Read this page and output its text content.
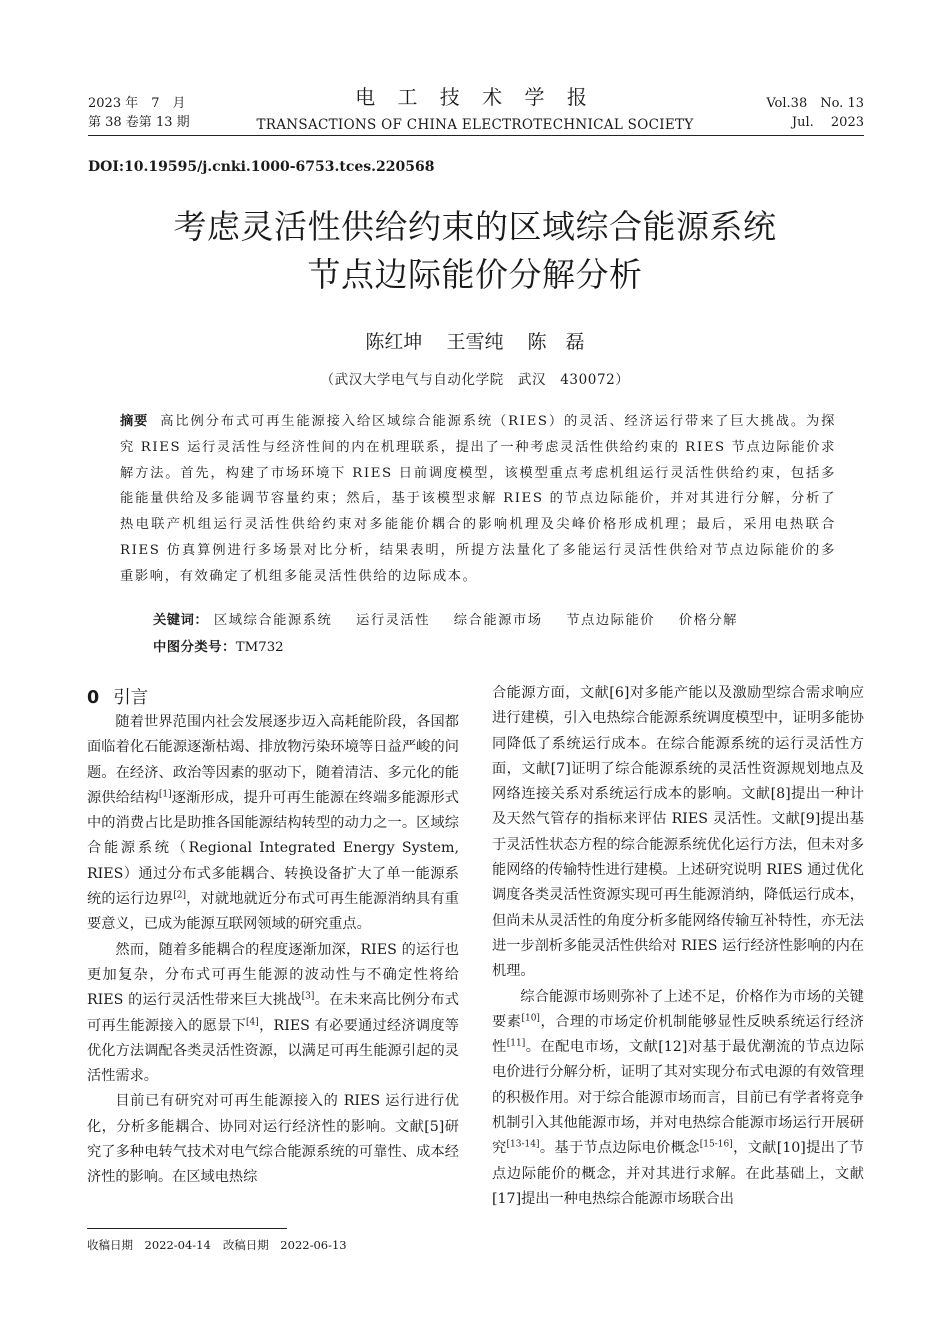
2023 年　7　月
第 38 卷第 13 期
电 工 技 术 学 报
TRANSACTIONS OF CHINA ELECTROTECHNICAL SOCIETY
Vol.38　No. 13
Jul.　 2023
DOI:10.19595/j.cnki.1000-6753.tces.220568
考虑灵活性供给约束的区域综合能源系统
节点边际能价分解分析
陈红坤 王雪纯 陈　磊
（武汉大学电气与自动化学院　武汉　430072）
摘要 高比例分布式可再生能源接入给区域综合能源系统（RIES）的灵活、经济运行带来了巨大挑战。为探究 RIES 运行灵活性与经济性间的内在机理联系，提出了一种考虑灵活性供给约束的 RIES 节点边际能价求解方法。首先，构建了市场环境下 RIES 日前调度模型，该模型重点考虑机组运行灵活性供给约束，包括多能能量供给及多能调节容量约束；然后，基于该模型求解 RIES 的节点边际能价，并对其进行分解，分析了热电联产机组运行灵活性供给约束对多能能价耦合的影响机理及尖峰价格形成机理；最后，采用电热联合 RIES 仿真算例进行多场景对比分析，结果表明，所提方法量化了多能运行灵活性供给对节点边际能价的多重影响，有效确定了机组多能灵活性供给的边际成本。
关键词： 区域综合能源系统 运行灵活性 综合能源市场 节点边际能价 价格分解
中图分类号：TM732
0 引言

随着世界范围内社会发展逐步迈入高耗能阶段，各国都面临着化石能源逐渐枯竭、排放物污染环境等日益严峻的问题。在经济、政治等因素的驱动下，随着清洁、多元化的能源供给结构[1]逐渐形成，提升可再生能源在终端多能源形式中的消费占比是助推各国能源结构转型的动力之一。区域综合能源系统（Regional Integrated Energy System, RIES）通过分布式多能耦合、转换设备扩大了单一能源系统的运行边界[2]，对就地就近分布式可再生能源消纳具有重要意义，已成为能源互联网领域的研究重点。

然而，随着多能耦合的程度逐渐加深，RIES 的运行也更加复杂，分布式可再生能源的波动性与不确定性将给 RIES 的运行灵活性带来巨大挑战[3]。在未来高比例分布式可再生能源接入的愿景下[4]，RIES 有必要通过经济调度等优化方法调配各类灵活性资源，以满足可再生能源引起的灵活性需求。

目前已有研究对可再生能源接入的 RIES 运行进行优化，分析多能耦合、协同对运行经济性的影响。文献[5]研究了多种电转气技术对电气综合能源系统的可靠性、成本经济性的影响。在区域电热综

合能源方面，文献[6]对多能产能以及激励型综合需求响应进行建模，引入电热综合能源系统调度模型中，证明多能协同降低了系统运行成本。在综合能源系统的运行灵活性方面，文献[7]证明了综合能源系统的灵活性资源规划地点及网络连接关系对系统运行成本的影响。文献[8]提出一种计及天然气管存的指标来评估 RIES 灵活性。文献[9]提出基于灵活性状态方程的综合能源系统优化运行方法，但未对多能网络的传输特性进行建模。上述研究说明 RIES 通过优化调度各类灵活性资源实现可再生能源消纳，降低运行成本，但尚未从灵活性的角度分析多能网络传输互补特性，亦无法进一步剖析多能灵活性供给对 RIES 运行经济性影响的内在机理。

综合能源市场则弥补了上述不足，价格作为市场的关键要素[10]，合理的市场定价机制能够显性反映系统运行经济性[11]。在配电市场，文献[12]对基于最优潮流的节点边际电价进行分解分析，证明了其对实现分布式电源的有效管理的积极作用。对于综合能源市场而言，目前已有学者将竞争机制引入其他能源市场，并对电热综合能源市场运行开展研究[13-14]。基于节点边际电价概念[15-16]，文献[10]提出了节点边际能价的概念，并对其进行求解。在此基础上，文献[17]提出一种电热综合能源市场联合出

收稿日期　2022-04-14 改稿日期　2022-06-13
